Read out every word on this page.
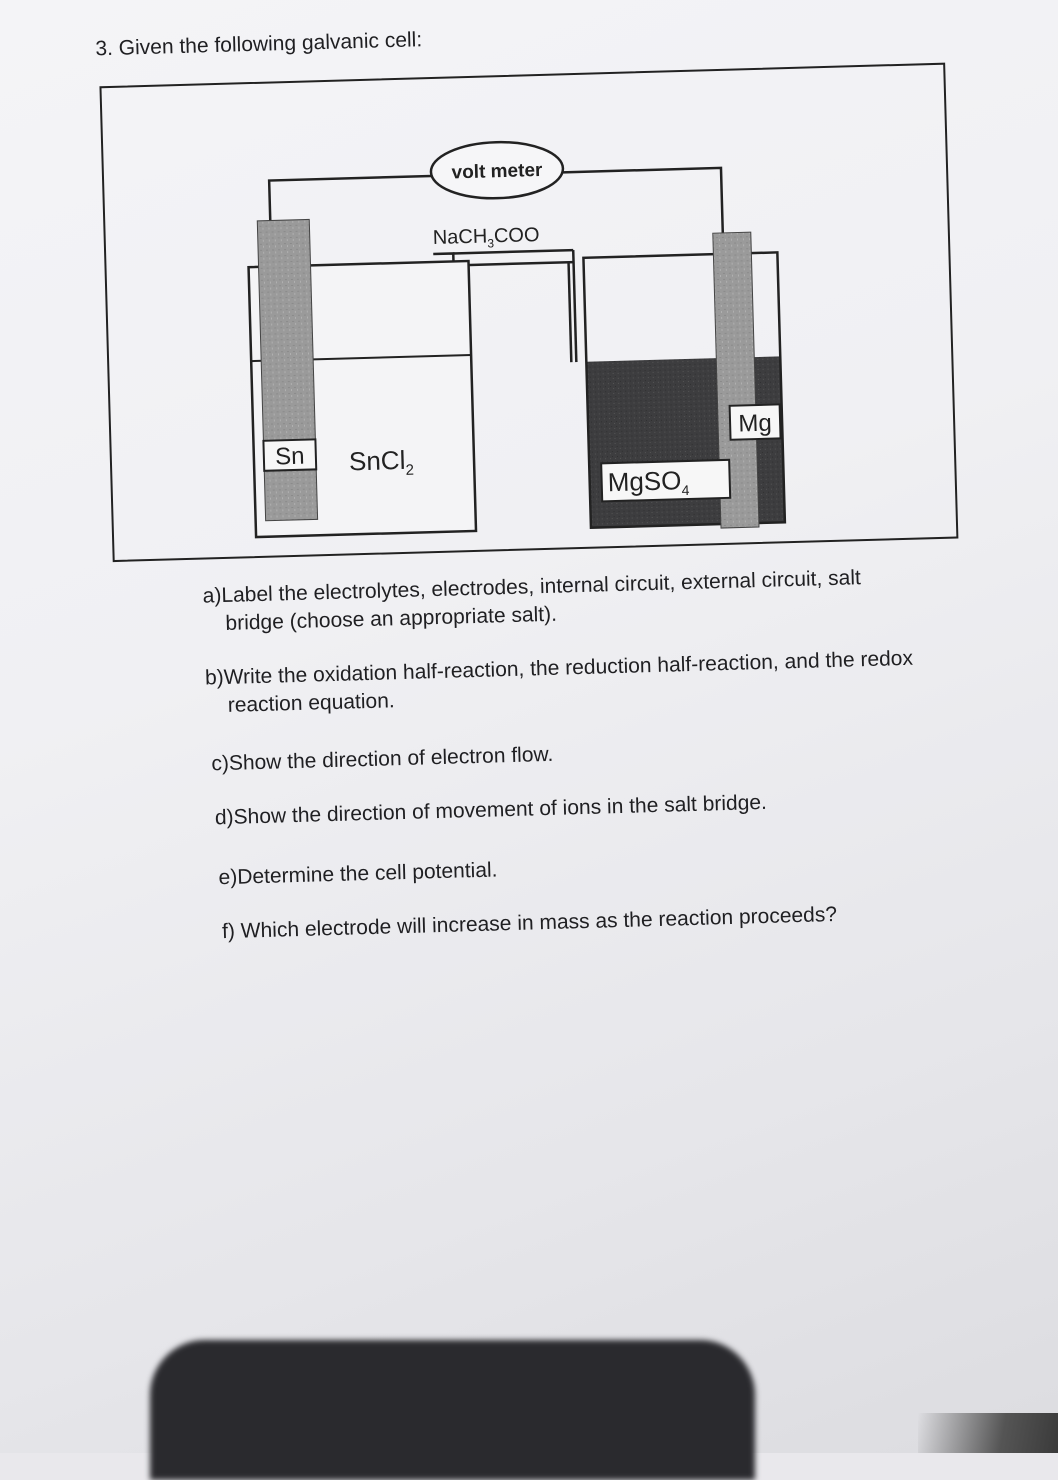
3. Given the following galvanic cell:
volt meter
NaCH$_3$COO
Sn SnCl$_2$
Mg
MgSO$_4$
a)Label the electrolytes, electrodes, internal circuit, external circuit, salt
bridge (choose an appropriate salt).
b)Write the oxidation half-reaction, the reduction half-reaction, and the redox
reaction equation.
c)Show the direction of electron flow.
d)Show the direction of movement of ions in the salt bridge.
e)Determine the cell potential.
f) Which electrode will increase in mass as the reaction proceeds?
